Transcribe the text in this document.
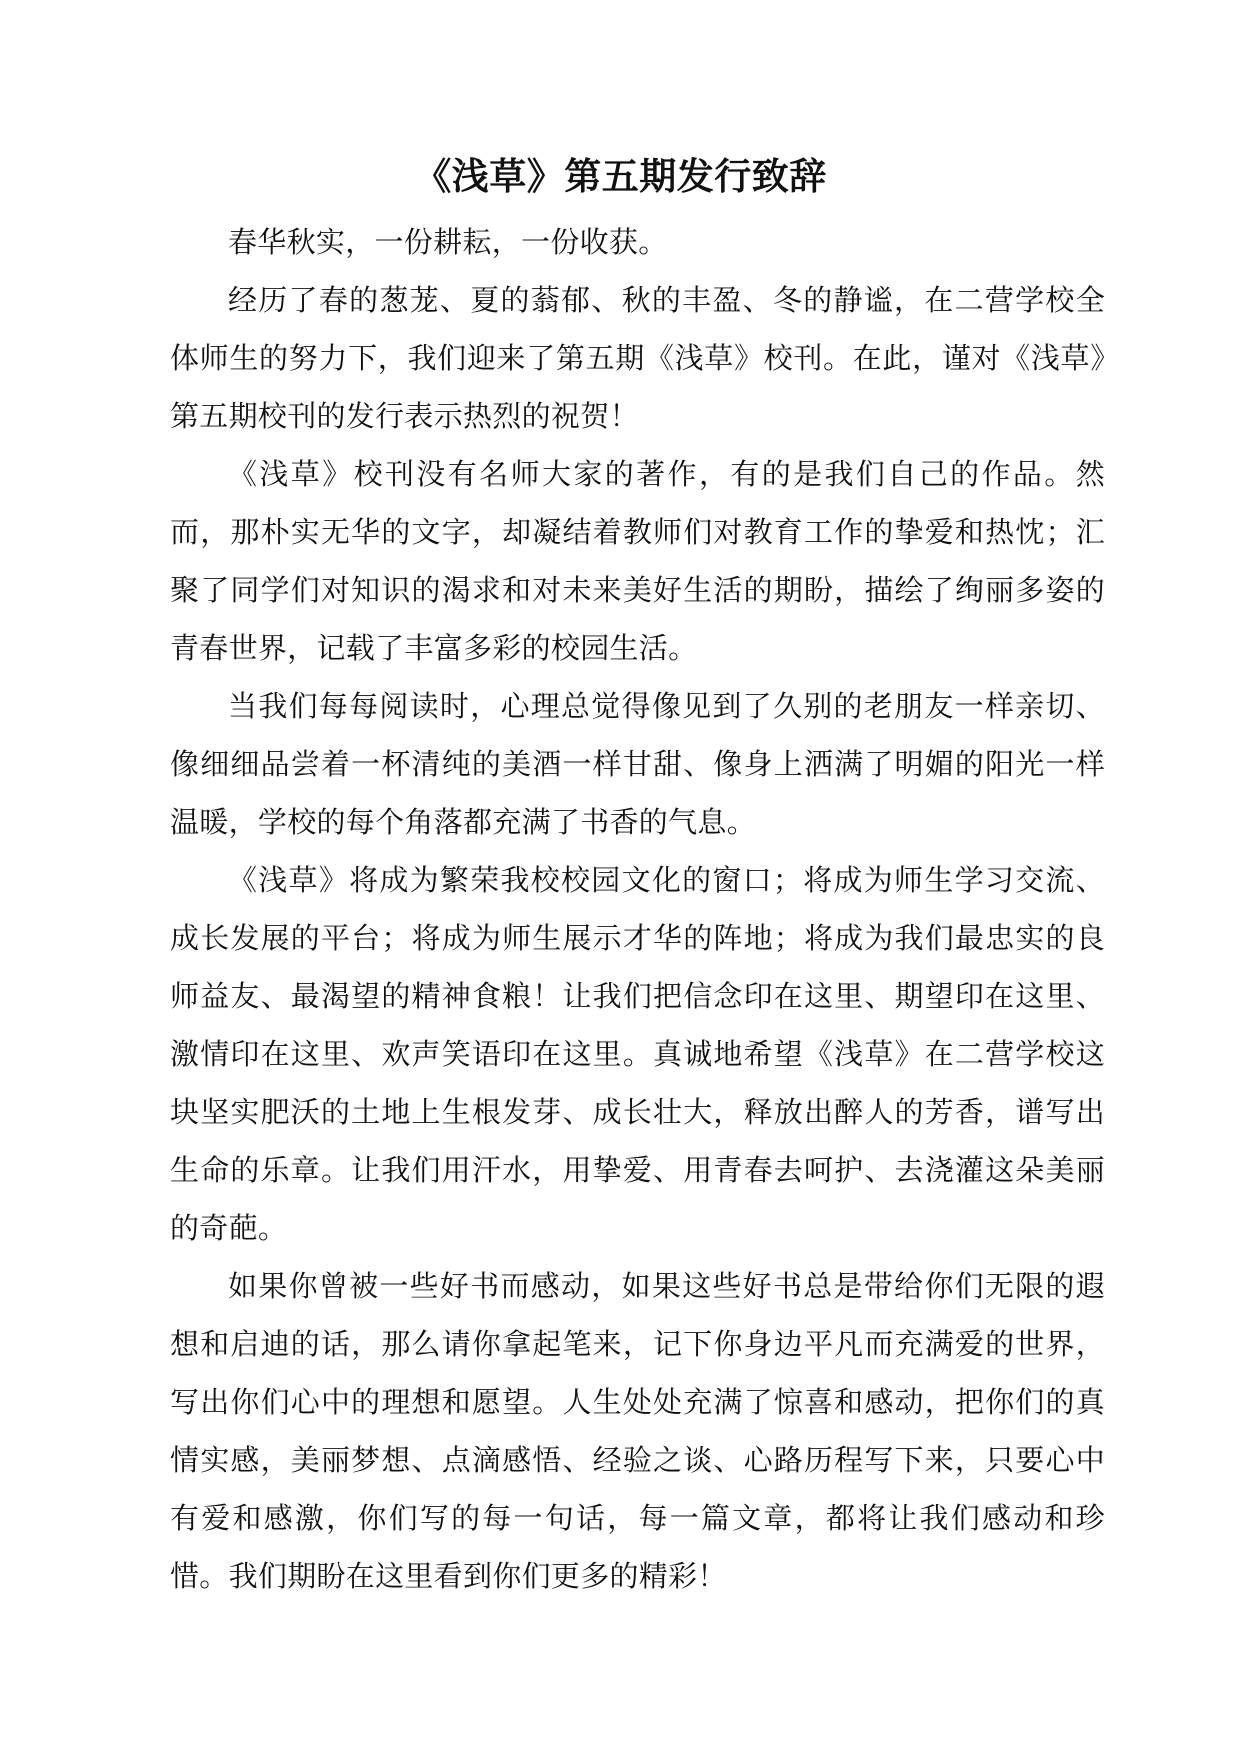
《浅草》第五期发行致辞

春华秋实，一份耕耘，一份收获。

经历了春的葱茏、夏的蓊郁、秋的丰盈、冬的静谧，在二营学校全体师生的努力下，我们迎来了第五期《浅草》校刊。在此，谨对《浅草》第五期校刊的发行表示热烈的祝贺！

《浅草》校刊没有名师大家的著作，有的是我们自己的作品。然而，那朴实无华的文字，却凝结着教师们对教育工作的挚爱和热忱；汇聚了同学们对知识的渴求和对未来美好生活的期盼，描绘了绚丽多姿的青春世界，记载了丰富多彩的校园生活。

当我们每每阅读时，心理总觉得像见到了久别的老朋友一样亲切、像细细品尝着一杯清纯的美酒一样甘甜、像身上洒满了明媚的阳光一样温暖，学校的每个角落都充满了书香的气息。

《浅草》将成为繁荣我校校园文化的窗口；将成为师生学习交流、成长发展的平台；将成为师生展示才华的阵地；将成为我们最忠实的良师益友、最渴望的精神食粮！让我们把信念印在这里、期望印在这里、激情印在这里、欢声笑语印在这里。真诚地希望《浅草》在二营学校这块坚实肥沃的土地上生根发芽、成长壮大，释放出醉人的芳香，谱写出生命的乐章。让我们用汗水，用挚爱、用青春去呵护、去浇灌这朵美丽的奇葩。

如果你曾被一些好书而感动，如果这些好书总是带给你们无限的遐想和启迪的话，那么请你拿起笔来，记下你身边平凡而充满爱的世界，写出你们心中的理想和愿望。人生处处充满了惊喜和感动，把你们的真情实感，美丽梦想、点滴感悟、经验之谈、心路历程写下来，只要心中有爱和感激，你们写的每一句话，每一篇文章，都将让我们感动和珍惜。我们期盼在这里看到你们更多的精彩！
